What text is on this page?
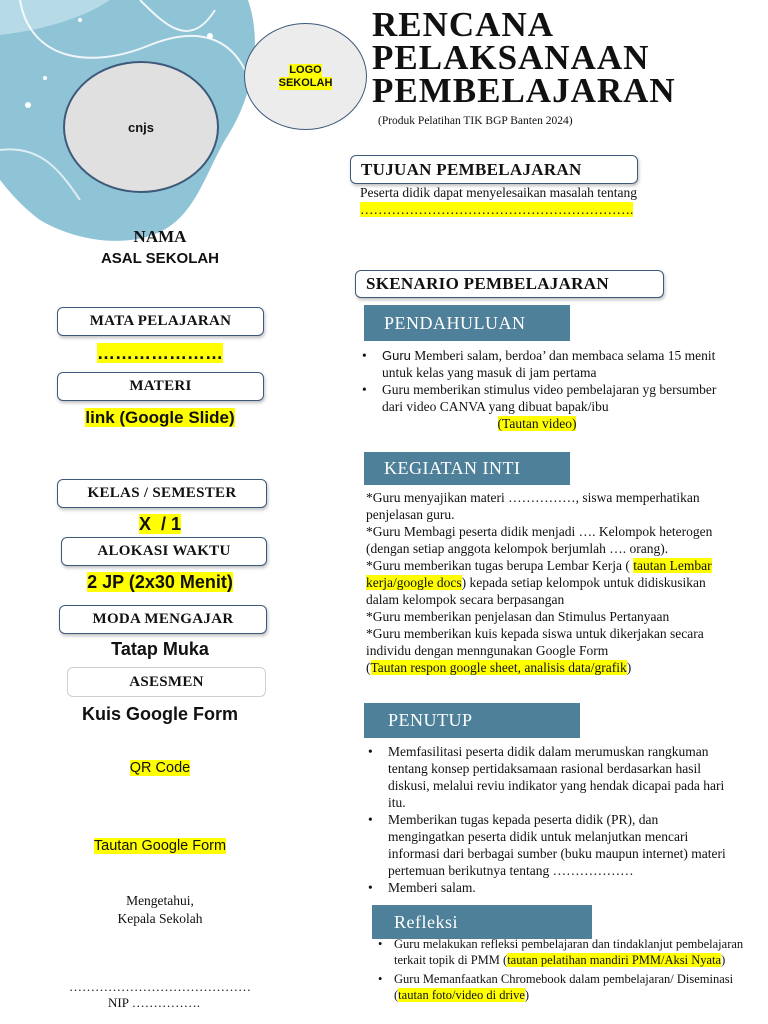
cnjs
LOGO
SEKOLAH
RENCANA
PELAKSANAAN
PEMBELAJARAN
(Produk Pelatihan TIK BGP Banten 2024)
NAMA
ASAL SEKOLAH
MATA PELAJARAN
…………………
MATERI
link (Google Slide)
KELAS / SEMESTER
X  / 1
ALOKASI WAKTU
2 JP (2x30 Menit)
MODA MENGAJAR
Tatap Muka
ASESMEN
Kuis Google Form
QR Code
Tautan Google Form
Mengetahui,
Kepala Sekolah
……………………………………
NIP …………….
TUJUAN PEMBELAJARAN
Peserta didik dapat menyelesaikan masalah tentang
…………………………………………………….
SKENARIO PEMBELAJARAN
PENDAHULUAN
• Guru Memberi salam, berdoa’ dan membaca selama 15 menit untuk kelas yang masuk di jam pertama
• Guru memberikan stimulus video pembelajaran yg bersumber dari video CANVA yang dibuat bapak/ibu

(Tautan video)
KEGIATAN INTI

*Guru menyajikan materi ……………, siswa memperhatikan penjelasan guru.

*Guru Membagi peserta didik menjadi …. Kelompok heterogen (dengan setiap anggota kelompok berjumlah …. orang).

*Guru memberikan tugas berupa Lembar Kerja ( tautan Lembar kerja/google docs) kepada setiap kelompok untuk didiskusikan dalam kelompok secara berpasangan

*Guru memberikan penjelasan dan Stimulus Pertanyaan

*Guru memberikan kuis kepada siswa untuk dikerjakan secara individu dengan menngunakan Google Form
(Tautan respon google sheet, analisis data/grafik)

PENUTUP
• Memfasilitasi peserta didik dalam merumuskan rangkuman tentang konsep pertidaksamaan rasional berdasarkan hasil diskusi, melalui reviu indikator yang hendak dicapai pada hari itu.
• Memberikan tugas kepada peserta didik (PR), dan mengingatkan peserta didik untuk melanjutkan mencari informasi dari berbagai sumber (buku maupun internet) materi pertemuan berikutnya tentang ………………
• Memberi salam.
Refleksi
• Guru melakukan refleksi pembelajaran dan tindaklanjut pembelajaran terkait topik di PMM (tautan pelatihan mandiri PMM/Aksi Nyata)
• Guru Memanfaatkan Chromebook dalam pembelajaran/ Diseminasi (tautan foto/video di drive)
